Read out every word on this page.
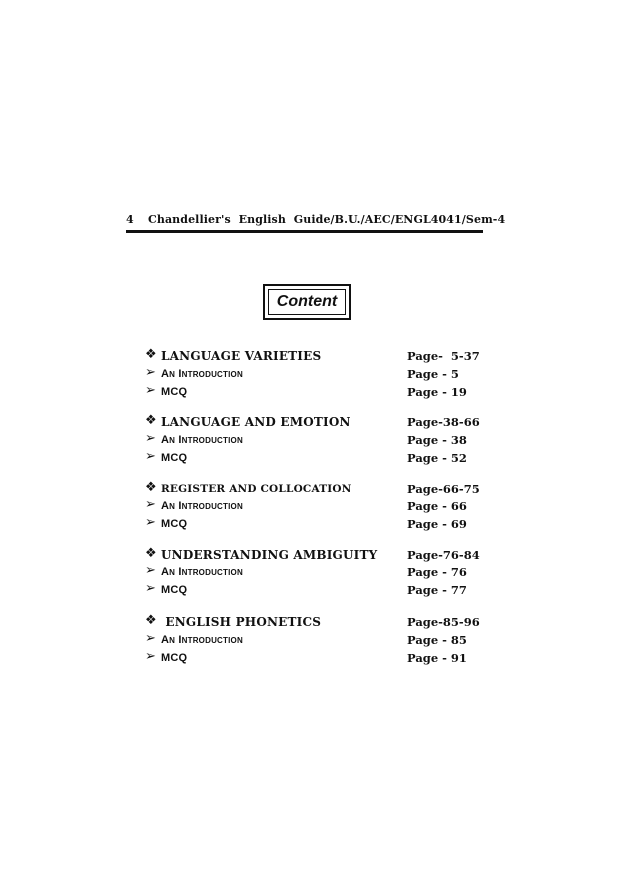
4 Chandellier's  English  Guide/B.U./AEC/ENGL4041/Sem-4
Content
❖ LANGUAGE VARIETIES	Page-  5-37
➢ An Introduction	Page - 5
➢ MCQ	Page - 19
❖ LANGUAGE AND EMOTION	Page-38-66
➢ An Introduction	Page - 38
➢ MCQ	Page - 52
❖ REGISTER AND COLLOCATION	Page-66-75
➢ An Introduction	Page - 66
➢ MCQ	Page - 69
❖ UNDERSTANDING AMBIGUITY	Page-76-84
➢ An Introduction	Page - 76
➢ MCQ	Page - 77
❖ ENGLISH PHONETICS	Page-85-96
➢ An Introduction	Page - 85
➢ MCQ	Page - 91
